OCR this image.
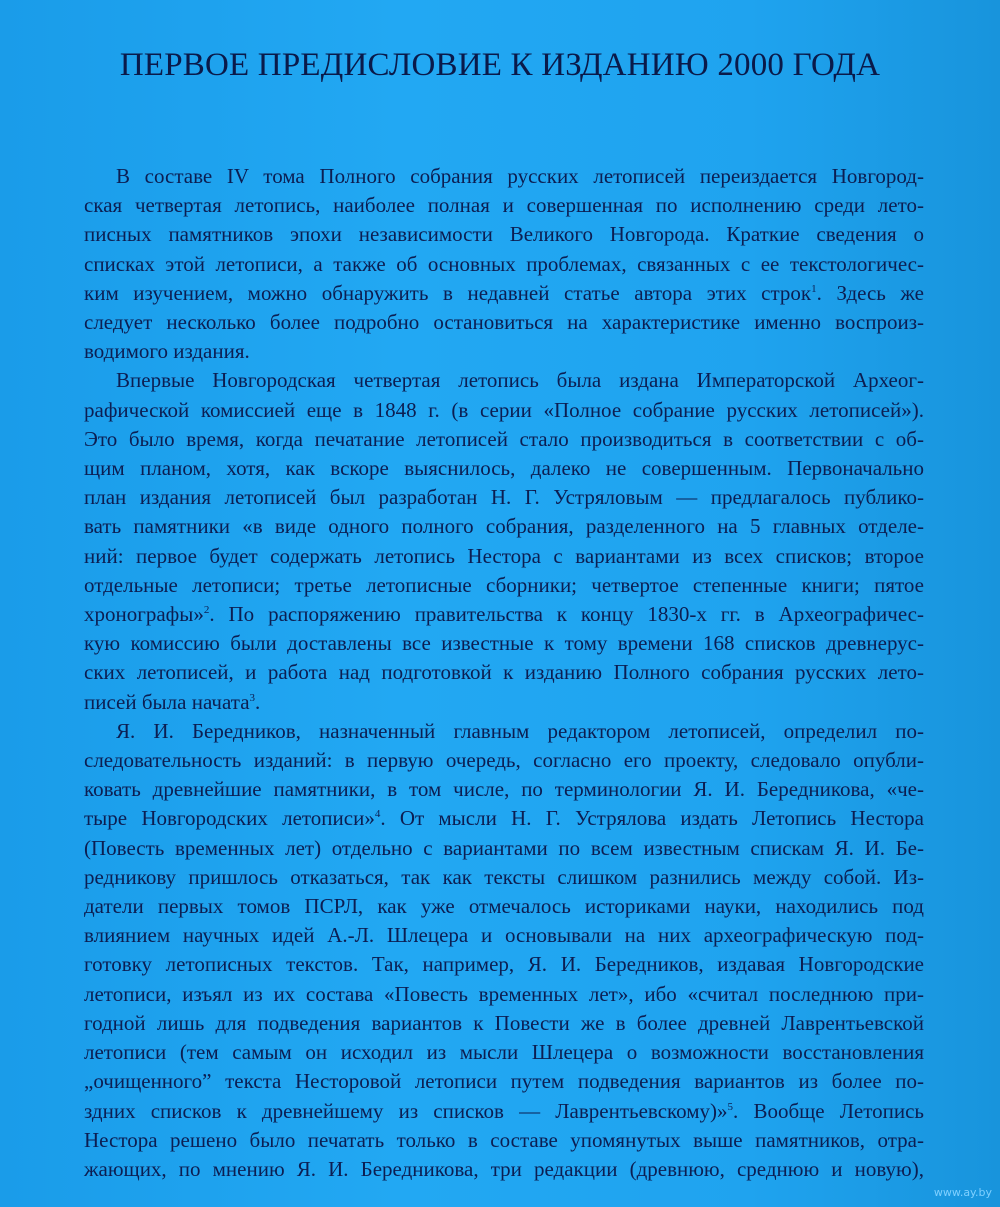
ПЕРВОЕ ПРЕДИСЛОВИЕ К ИЗДАНИЮ 2000 ГОДА

В составе IV тома Полного собрания русских летописей переиздается Новгород-

ская четвертая летопись, наиболее полная и совершенная по исполнению среди лето-

писных памятников эпохи независимости Великого Новгорода. Краткие сведения о

списках этой летописи, а также об основных проблемах, связанных с ее текстологичес-

ким изучением, можно обнаружить в недавней статье автора этих строк$^1$. Здесь же

следует несколько более подробно остановиться на характеристике именно воспроиз-

водимого издания.

Впервые Новгородская четвертая летопись была издана Императорской Археог-

рафической комиссией еще в 1848 г. (в серии «Полное собрание русских летописей»).

Это было время, когда печатание летописей стало производиться в соответствии с об-

щим планом, хотя, как вскоре выяснилось, далеко не совершенным. Первоначально

план издания летописей был разработан Н. Г. Устряловым — предлагалось публико-

вать памятники «в виде одного полного собрания, разделенного на 5 главных отделе-

ний: первое будет содержать летопись Нестора с вариантами из всех списков; второе

отдельные летописи; третье летописные сборники; четвертое степенные книги; пятое

хронографы»$^2$. По распоряжению правительства к концу 1830-х гг. в Археографичес-

кую комиссию были доставлены все известные к тому времени 168 списков древнерус-

ских летописей, и работа над подготовкой к изданию Полного собрания русских лето-

писей была начата$^3$.

Я. И. Бередников, назначенный главным редактором летописей, определил по-

следовательность изданий: в первую очередь, согласно его проекту, следовало опубли-

ковать древнейшие памятники, в том числе, по терминологии Я. И. Бередникова, «че-

тыре Новгородских летописи»$^4$. От мысли Н. Г. Устрялова издать Летопись Нестора

(Повесть временных лет) отдельно с вариантами по всем известным спискам Я. И. Бе-

редникову пришлось отказаться, так как тексты слишком разнились между собой. Из-

датели первых томов ПСРЛ, как уже отмечалось историками науки, находились под

влиянием научных идей А.-Л. Шлецера и основывали на них археографическую под-

готовку летописных текстов. Так, например, Я. И. Бередников, издавая Новгородские

летописи, изъял из их состава «Повесть временных лет», ибо «считал последнюю при-

годной лишь для подведения вариантов к Повести же в более древней Лаврентьевской

летописи (тем самым он исходил из мысли Шлецера о возможности восстановления

„очищенного” текста Несторовой летописи путем подведения вариантов из более по-

здних списков к древнейшему из списков — Лаврентьевскому)»$^5$. Вообще Летопись

Нестора решено было печатать только в составе упомянутых выше памятников, отра-

жающих, по мнению Я. И. Бередникова, три редакции (древнюю, среднюю и новую),

www.ay.by
